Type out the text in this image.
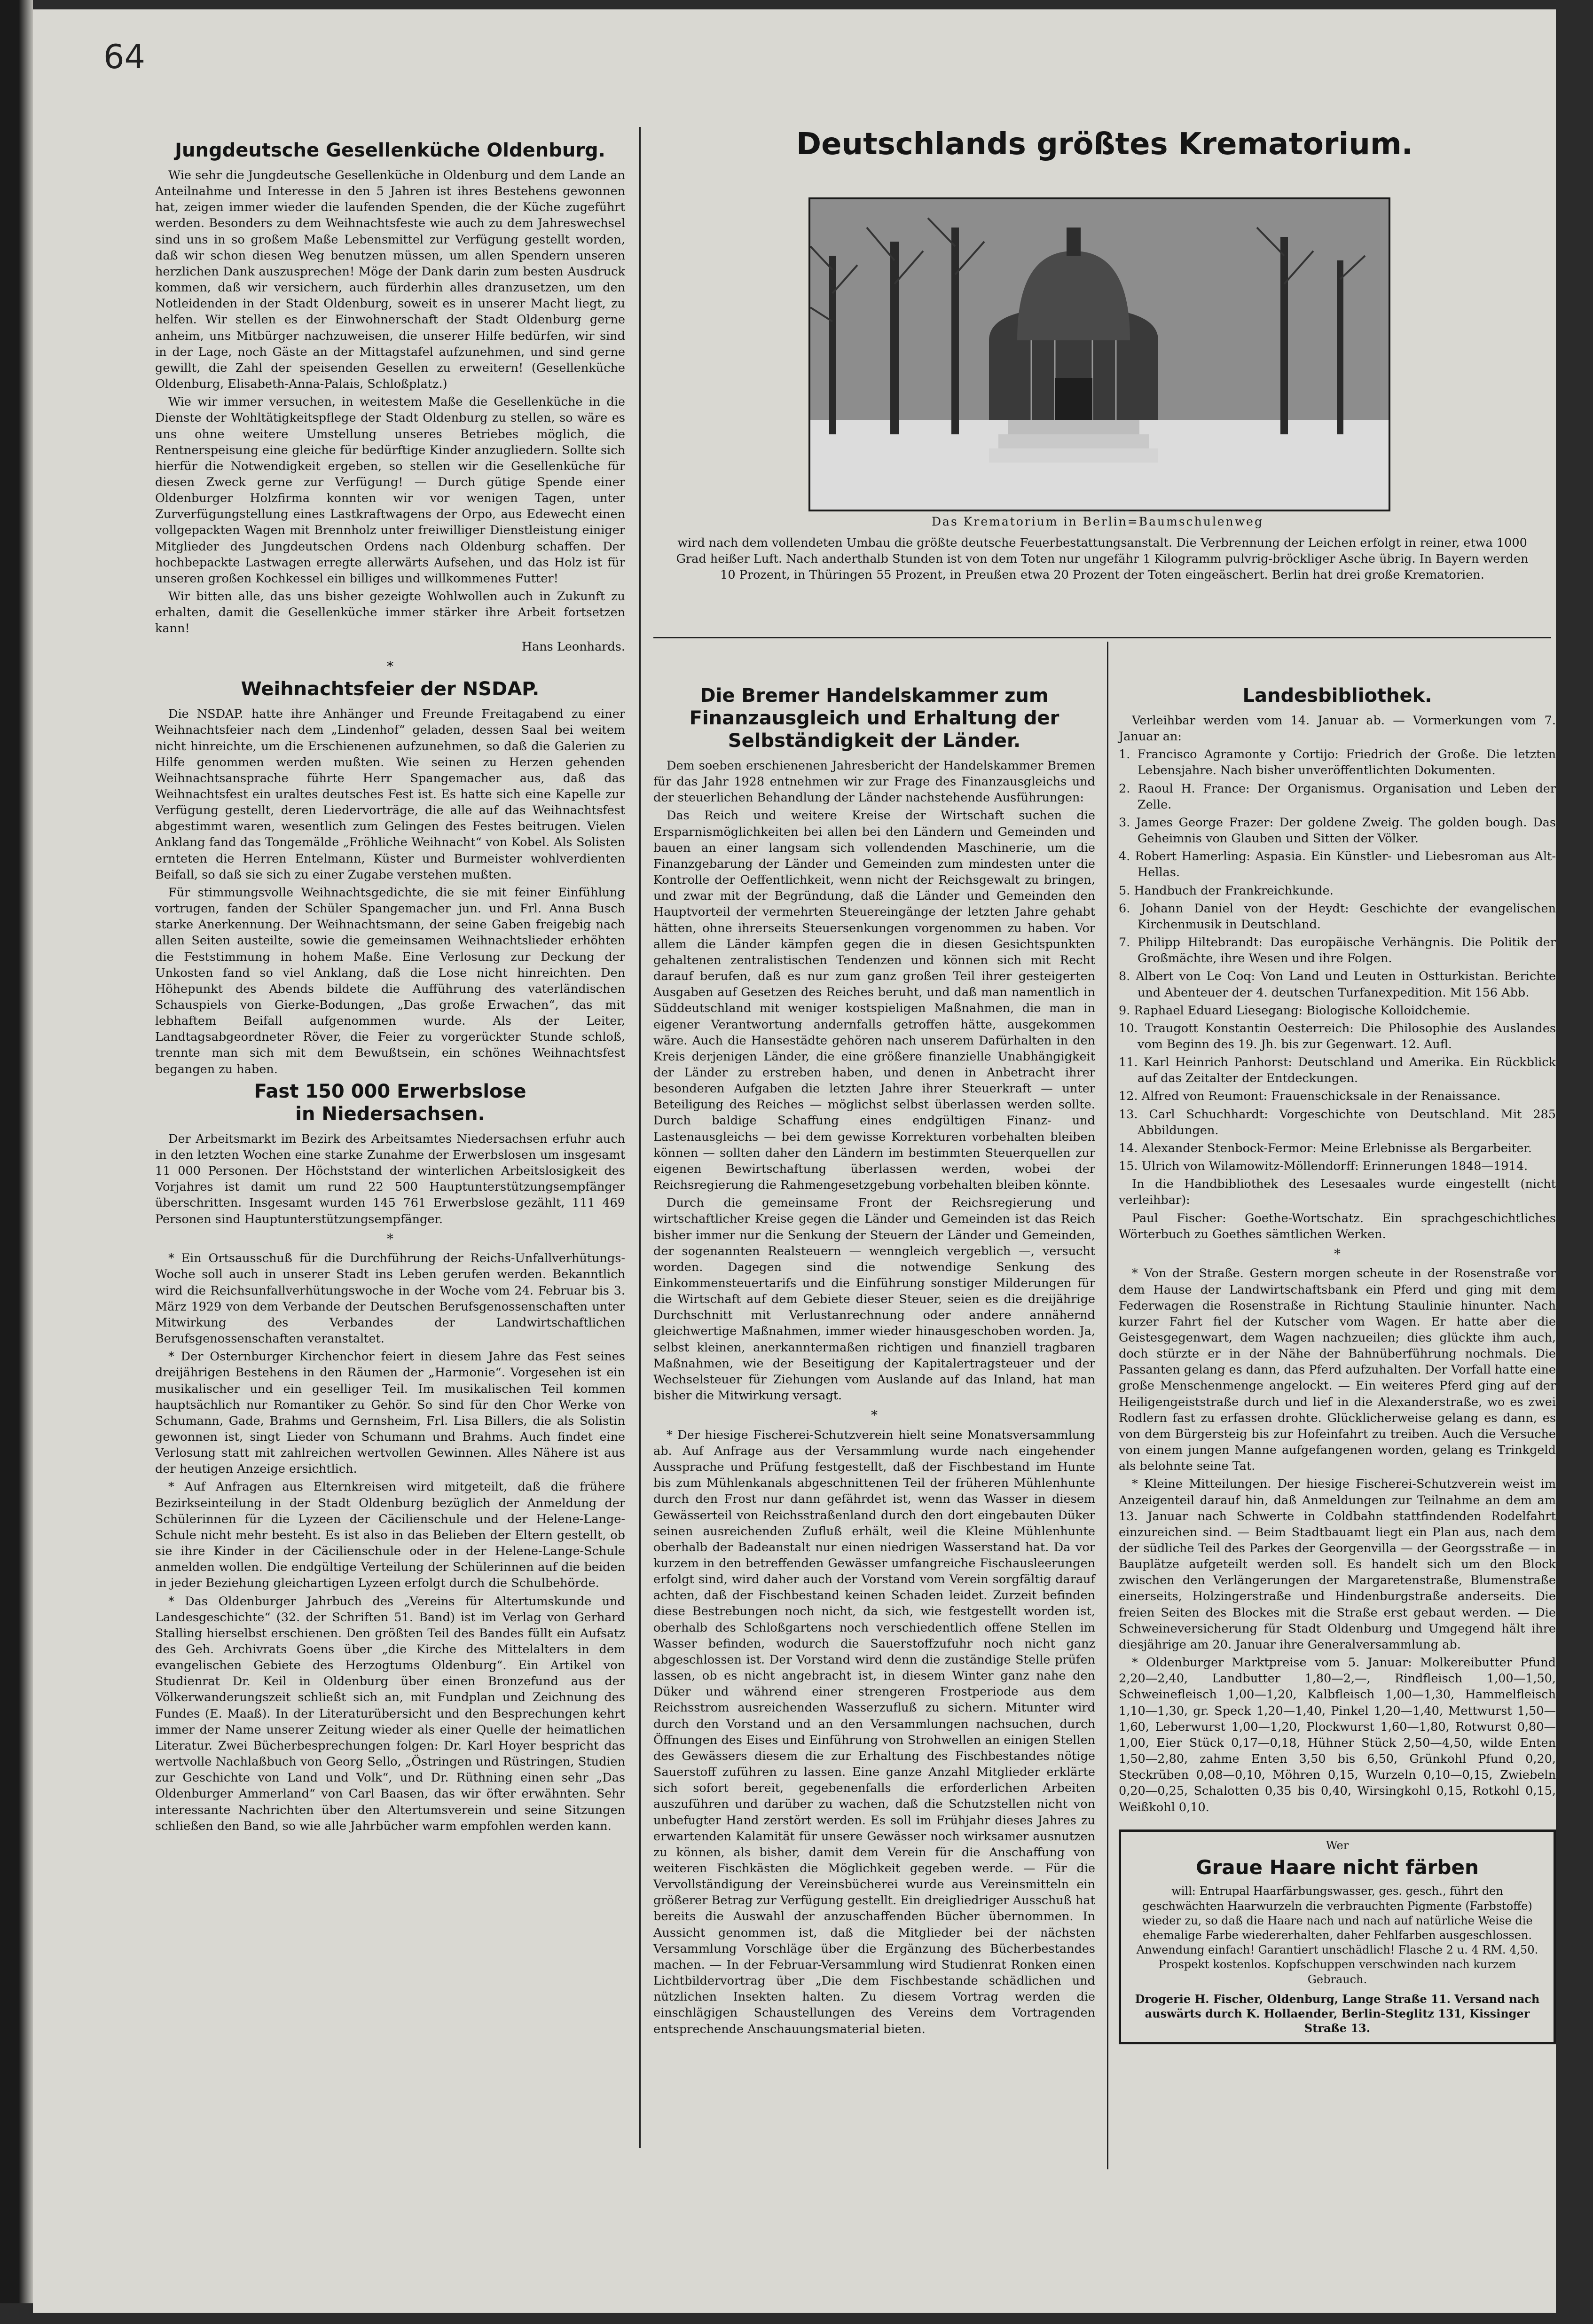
64
Deutschlands größtes Krematorium.
Das Krematorium in Berlin=Baumschulenweg
wird nach dem vollendeten Umbau die größte deutsche Feuerbestattungsanstalt. Die Verbrennung der Leichen erfolgt in reiner, etwa 1000 Grad heißer Luft. Nach anderthalb Stunden ist von dem Toten nur ungefähr 1 Kilogramm pulvrig-bröckliger Asche übrig. In Bayern werden 10 Prozent, in Thüringen 55 Prozent, in Preußen etwa 20 Prozent der Toten eingeäschert. Berlin hat drei große Krematorien.
Jungdeutsche Gesellenküche Oldenburg.

Wie sehr die Jungdeutsche Gesellenküche in Oldenburg und dem Lande an Anteilnahme und Interesse in den 5 Jahren ist ihres Bestehens gewonnen hat, zeigen immer wieder die laufenden Spenden, die der Küche zugeführt werden. Besonders zu dem Weihnachtsfeste wie auch zu dem Jahreswechsel sind uns in so großem Maße Lebensmittel zur Verfügung gestellt worden, daß wir schon diesen Weg benutzen müssen, um allen Spendern unseren herzlichen Dank auszusprechen! Möge der Dank darin zum besten Ausdruck kommen, daß wir versichern, auch fürderhin alles dranzusetzen, um den Notleidenden in der Stadt Oldenburg, soweit es in unserer Macht liegt, zu helfen. Wir stellen es der Einwohnerschaft der Stadt Oldenburg gerne anheim, uns Mitbürger nachzuweisen, die unserer Hilfe bedürfen, wir sind in der Lage, noch Gäste an der Mittagstafel aufzunehmen, und sind gerne gewillt, die Zahl der speisenden Gesellen zu erweitern! (Gesellenküche Oldenburg, Elisabeth-Anna-Palais, Schloßplatz.)

Wie wir immer versuchen, in weitestem Maße die Gesellenküche in die Dienste der Wohltätigkeitspflege der Stadt Oldenburg zu stellen, so wäre es uns ohne weitere Umstellung unseres Betriebes möglich, die Rentnerspeisung eine gleiche für bedürftige Kinder anzugliedern. Sollte sich hierfür die Notwendigkeit ergeben, so stellen wir die Gesellenküche für diesen Zweck gerne zur Verfügung! — Durch gütige Spende einer Oldenburger Holzfirma konnten wir vor wenigen Tagen, unter Zurverfügungstellung eines Lastkraftwagens der Orpo, aus Edewecht einen vollgepackten Wagen mit Brennholz unter freiwilliger Dienstleistung einiger Mitglieder des Jungdeutschen Ordens nach Oldenburg schaffen. Der hochbepackte Lastwagen erregte allerwärts Aufsehen, und das Holz ist für unseren großen Kochkessel ein billiges und willkommenes Futter!

Wir bitten alle, das uns bisher gezeigte Wohlwollen auch in Zukunft zu erhalten, damit die Gesellenküche immer stärker ihre Arbeit fortsetzen kann!

Hans Leonhards.
*
Weihnachtsfeier der NSDAP.

Die NSDAP. hatte ihre Anhänger und Freunde Freitagabend zu einer Weihnachtsfeier nach dem „Lindenhof“ geladen, dessen Saal bei weitem nicht hinreichte, um die Erschienenen aufzunehmen, so daß die Galerien zu Hilfe genommen werden mußten. Wie seinen zu Herzen gehenden Weihnachtsansprache führte Herr Spangemacher aus, daß das Weihnachtsfest ein uraltes deutsches Fest ist. Es hatte sich eine Kapelle zur Verfügung gestellt, deren Liedervorträge, die alle auf das Weihnachtsfest abgestimmt waren, wesentlich zum Gelingen des Festes beitrugen. Vielen Anklang fand das Tongemälde „Fröhliche Weihnacht“ von Kobel. Als Solisten ernteten die Herren Entelmann, Küster und Burmeister wohlverdienten Beifall, so daß sie sich zu einer Zugabe verstehen mußten.

Für stimmungsvolle Weihnachtsgedichte, die sie mit feiner Einfühlung vortrugen, fanden der Schüler Spangemacher jun. und Frl. Anna Busch starke Anerkennung. Der Weihnachtsmann, der seine Gaben freigebig nach allen Seiten austeilte, sowie die gemeinsamen Weihnachtslieder erhöhten die Feststimmung in hohem Maße. Eine Verlosung zur Deckung der Unkosten fand so viel Anklang, daß die Lose nicht hinreichten. Den Höhepunkt des Abends bildete die Aufführung des vaterländischen Schauspiels von Gierke-Bodungen, „Das große Erwachen“, das mit lebhaftem Beifall aufgenommen wurde. Als der Leiter, Landtagsabgeordneter Röver, die Feier zu vorgerückter Stunde schloß, trennte man sich mit dem Bewußtsein, ein schönes Weihnachtsfest begangen zu haben.

Fast 150 000 Erwerbslose
in Niedersachsen.

Der Arbeitsmarkt im Bezirk des Arbeitsamtes Niedersachsen erfuhr auch in den letzten Wochen eine starke Zunahme der Erwerbslosen um insgesamt 11 000 Personen. Der Höchststand der winterlichen Arbeitslosigkeit des Vorjahres ist damit um rund 22 500 Hauptunterstützungsempfänger überschritten. Insgesamt wurden 145 761 Erwerbslose gezählt, 111 469 Personen sind Hauptunterstützungsempfänger.

*

* Ein Ortsausschuß für die Durchführung der Reichs-Unfallverhütungs-Woche soll auch in unserer Stadt ins Leben gerufen werden. Bekanntlich wird die Reichsunfallverhütungswoche in der Woche vom 24. Februar bis 3. März 1929 von dem Verbande der Deutschen Berufsgenossenschaften unter Mitwirkung des Verbandes der Landwirtschaftlichen Berufsgenossenschaften veranstaltet.

* Der Osternburger Kirchenchor feiert in diesem Jahre das Fest seines dreijährigen Bestehens in den Räumen der „Harmonie“. Vorgesehen ist ein musikalischer und ein geselliger Teil. Im musikalischen Teil kommen hauptsächlich nur Romantiker zu Gehör. So sind für den Chor Werke von Schumann, Gade, Brahms und Gernsheim, Frl. Lisa Billers, die als Solistin gewonnen ist, singt Lieder von Schumann und Brahms. Auch findet eine Verlosung statt mit zahlreichen wertvollen Gewinnen. Alles Nähere ist aus der heutigen Anzeige ersichtlich.

* Auf Anfragen aus Elternkreisen wird mitgeteilt, daß die frühere Bezirkseinteilung in der Stadt Oldenburg bezüglich der Anmeldung der Schülerinnen für die Lyzeen der Cäcilienschule und der Helene-Lange-Schule nicht mehr besteht. Es ist also in das Belieben der Eltern gestellt, ob sie ihre Kinder in der Cäcilienschule oder in der Helene-Lange-Schule anmelden wollen. Die endgültige Verteilung der Schülerinnen auf die beiden in jeder Beziehung gleichartigen Lyzeen erfolgt durch die Schulbehörde.

* Das Oldenburger Jahrbuch des „Vereins für Altertumskunde und Landesgeschichte“ (32. der Schriften 51. Band) ist im Verlag von Gerhard Stalling hierselbst erschienen. Den größten Teil des Bandes füllt ein Aufsatz des Geh. Archivrats Goens über „die Kirche des Mittelalters in dem evangelischen Gebiete des Herzogtums Oldenburg“. Ein Artikel von Studienrat Dr. Keil in Oldenburg über einen Bronzefund aus der Völkerwanderungszeit schließt sich an, mit Fundplan und Zeichnung des Fundes (E. Maaß). In der Literaturübersicht und den Besprechungen kehrt immer der Name unserer Zeitung wieder als einer Quelle der heimatlichen Literatur. Zwei Bücherbesprechungen folgen: Dr. Karl Hoyer bespricht das wertvolle Nachlaßbuch von Georg Sello, „Östringen und Rüstringen, Studien zur Geschichte von Land und Volk“, und Dr. Rüthning einen sehr „Das Oldenburger Ammerland“ von Carl Baasen, das wir öfter erwähnten. Sehr interessante Nachrichten über den Altertumsverein und seine Sitzungen schließen den Band, so wie alle Jahrbücher warm empfohlen werden kann.

Die Bremer Handelskammer zum Finanzausgleich und Erhaltung der Selbständigkeit der Länder.

Dem soeben erschienenen Jahresbericht der Handelskammer Bremen für das Jahr 1928 entnehmen wir zur Frage des Finanzausgleichs und der steuerlichen Behandlung der Länder nachstehende Ausführungen:

Das Reich und weitere Kreise der Wirtschaft suchen die Ersparnismöglichkeiten bei allen bei den Ländern und Gemeinden und bauen an einer langsam sich vollendenden Maschinerie, um die Finanzgebarung der Länder und Gemeinden zum mindesten unter die Kontrolle der Oeffentlichkeit, wenn nicht der Reichsgewalt zu bringen, und zwar mit der Begründung, daß die Länder und Gemeinden den Hauptvorteil der vermehrten Steuereingänge der letzten Jahre gehabt hätten, ohne ihrerseits Steuersenkungen vorgenommen zu haben. Vor allem die Länder kämpfen gegen die in diesen Gesichtspunkten gehaltenen zentralistischen Tendenzen und können sich mit Recht darauf berufen, daß es nur zum ganz großen Teil ihrer gesteigerten Ausgaben auf Gesetzen des Reiches beruht, und daß man namentlich in Süddeutschland mit weniger kostspieligen Maßnahmen, die man in eigener Verantwortung andernfalls getroffen hätte, ausgekommen wäre. Auch die Hansestädte gehören nach unserem Dafürhalten in den Kreis derjenigen Länder, die eine größere finanzielle Unabhängigkeit der Länder zu erstreben haben, und denen in Anbetracht ihrer besonderen Aufgaben die letzten Jahre ihrer Steuerkraft — unter Beteiligung des Reiches — möglichst selbst überlassen werden sollte. Durch baldige Schaffung eines endgültigen Finanz- und Lastenausgleichs — bei dem gewisse Korrekturen vorbehalten bleiben können — sollten daher den Ländern im bestimmten Steuerquellen zur eigenen Bewirtschaftung überlassen werden, wobei der Reichsregierung die Rahmengesetzgebung vorbehalten bleiben könnte.

Durch die gemeinsame Front der Reichsregierung und wirtschaftlicher Kreise gegen die Länder und Gemeinden ist das Reich bisher immer nur die Senkung der Steuern der Länder und Gemeinden, der sogenannten Realsteuern — wenngleich vergeblich —, versucht worden. Dagegen sind die notwendige Senkung des Einkommensteuertarifs und die Einführung sonstiger Milderungen für die Wirtschaft auf dem Gebiete dieser Steuer, seien es die dreijährige Durchschnitt mit Verlustanrechnung oder andere annähernd gleichwertige Maßnahmen, immer wieder hinausgeschoben worden. Ja, selbst kleinen, anerkanntermaßen richtigen und finanziell tragbaren Maßnahmen, wie der Beseitigung der Kapitalertragsteuer und der Wechselsteuer für Ziehungen vom Auslande auf das Inland, hat man bisher die Mitwirkung versagt.

*

* Der hiesige Fischerei-Schutzverein hielt seine Monatsversammlung ab. Auf Anfrage aus der Versammlung wurde nach eingehender Aussprache und Prüfung festgestellt, daß der Fischbestand im Hunte bis zum Mühlenkanals abgeschnittenen Teil der früheren Mühlenhunte durch den Frost nur dann gefährdet ist, wenn das Wasser in diesem Gewässerteil von Reichsstraßenland durch den dort eingebauten Düker seinen ausreichenden Zufluß erhält, weil die Kleine Mühlenhunte oberhalb der Badeanstalt nur einen niedrigen Wasserstand hat. Da vor kurzem in den betreffenden Gewässer umfangreiche Fischausleerungen erfolgt sind, wird daher auch der Vorstand vom Verein sorgfältig darauf achten, daß der Fischbestand keinen Schaden leidet. Zurzeit befinden diese Bestrebungen noch nicht, da sich, wie festgestellt worden ist, oberhalb des Schloßgartens noch verschiedentlich offene Stellen im Wasser befinden, wodurch die Sauerstoffzufuhr noch nicht ganz abgeschlossen ist. Der Vorstand wird denn die zuständige Stelle prüfen lassen, ob es nicht angebracht ist, in diesem Winter ganz nahe den Düker und während einer strengeren Frostperiode aus dem Reichsstrom ausreichenden Wasserzufluß zu sichern. Mitunter wird durch den Vorstand und an den Versammlungen nachsuchen, durch Öffnungen des Eises und Einführung von Strohwellen an einigen Stellen des Gewässers diesem die zur Erhaltung des Fischbestandes nötige Sauerstoff zuführen zu lassen. Eine ganze Anzahl Mitglieder erklärte sich sofort bereit, gegebenenfalls die erforderlichen Arbeiten auszuführen und darüber zu wachen, daß die Schutzstellen nicht von unbefugter Hand zerstört werden. Es soll im Frühjahr dieses Jahres zu erwartenden Kalamität für unsere Gewässer noch wirksamer ausnutzen zu können, als bisher, damit dem Verein für die Anschaffung von weiteren Fischkästen die Möglichkeit gegeben werde. — Für die Vervollständigung der Vereinsbücherei wurde aus Vereinsmitteln ein größerer Betrag zur Verfügung gestellt. Ein dreigliedriger Ausschuß hat bereits die Auswahl der anzuschaffenden Bücher übernommen. In Aussicht genommen ist, daß die Mitglieder bei der nächsten Versammlung Vorschläge über die Ergänzung des Bücherbestandes machen. — In der Februar-Versammlung wird Studienrat Ronken einen Lichtbildervortrag über „Die dem Fischbestande schädlichen und nützlichen Insekten halten. Zu diesem Vortrag werden die einschlägigen Schaustellungen des Vereins dem Vortragenden entsprechende Anschauungsmaterial bieten.

Landesbibliothek.

Verleihbar werden vom 14. Januar ab. — Vormerkungen vom 7. Januar an:

1. Francisco Agramonte y Cortijo: Friedrich der Große. Die letzten Lebensjahre. Nach bisher unveröffentlichten Dokumenten.
2. Raoul H. France: Der Organismus. Organisation und Leben der Zelle.
3. James George Frazer: Der goldene Zweig. The golden bough. Das Geheimnis von Glauben und Sitten der Völker.
4. Robert Hamerling: Aspasia. Ein Künstler- und Liebesroman aus Alt-Hellas.
5. Handbuch der Frankreichkunde.
6. Johann Daniel von der Heydt: Geschichte der evangelischen Kirchenmusik in Deutschland.
7. Philipp Hiltebrandt: Das europäische Verhängnis. Die Politik der Großmächte, ihre Wesen und ihre Folgen.
8. Albert von Le Coq: Von Land und Leuten in Ostturkistan. Berichte und Abenteuer der 4. deutschen Turfanexpedition. Mit 156 Abb.
9. Raphael Eduard Liesegang: Biologische Kolloidchemie.
10. Traugott Konstantin Oesterreich: Die Philosophie des Auslandes vom Beginn des 19. Jh. bis zur Gegenwart. 12. Aufl.
11. Karl Heinrich Panhorst: Deutschland und Amerika. Ein Rückblick auf das Zeitalter der Entdeckungen.
12. Alfred von Reumont: Frauenschicksale in der Renaissance.
13. Carl Schuchhardt: Vorgeschichte von Deutschland. Mit 285 Abbildungen.
14. Alexander Stenbock-Fermor: Meine Erlebnisse als Bergarbeiter.
15. Ulrich von Wilamowitz-Möllendorff: Erinnerungen 1848—1914.

In die Handbibliothek des Lesesaales wurde eingestellt (nicht verleihbar):

Paul Fischer: Goethe-Wortschatz. Ein sprachgeschichtliches Wörterbuch zu Goethes sämtlichen Werken.

*

* Von der Straße. Gestern morgen scheute in der Rosenstraße vor dem Hause der Landwirtschaftsbank ein Pferd und ging mit dem Federwagen die Rosenstraße in Richtung Staulinie hinunter. Nach kurzer Fahrt fiel der Kutscher vom Wagen. Er hatte aber die Geistesgegenwart, dem Wagen nachzueilen; dies glückte ihm auch, doch stürzte er in der Nähe der Bahnüberführung nochmals. Die Passanten gelang es dann, das Pferd aufzuhalten. Der Vorfall hatte eine große Menschenmenge angelockt. — Ein weiteres Pferd ging auf der Heiligengeiststraße durch und lief in die Alexanderstraße, wo es zwei Rodlern fast zu erfassen drohte. Glücklicherweise gelang es dann, es von dem Bürgersteig bis zur Hofeinfahrt zu treiben. Auch die Versuche von einem jungen Manne aufgefangenen worden, gelang es Trinkgeld als belohnte seine Tat.

* Kleine Mitteilungen. Der hiesige Fischerei-Schutzverein weist im Anzeigenteil darauf hin, daß Anmeldungen zur Teilnahme an dem am 13. Januar nach Schwerte in Coldbahn stattfindenden Rodelfahrt einzureichen sind. — Beim Stadtbauamt liegt ein Plan aus, nach dem der südliche Teil des Parkes der Georgenvilla — der Georgsstraße — in Bauplätze aufgeteilt werden soll. Es handelt sich um den Block zwischen den Verlängerungen der Margaretenstraße, Blumenstraße einerseits, Holzingerstraße und Hindenburgstraße anderseits. Die freien Seiten des Blockes mit die Straße erst gebaut werden. — Die Schweineversicherung für Stadt Oldenburg und Umgegend hält ihre diesjährige am 20. Januar ihre Generalversammlung ab.

* Oldenburger Marktpreise vom 5. Januar: Molkereibutter Pfund 2,20—2,40, Landbutter 1,80—2,—, Rindfleisch 1,00—1,50, Schweinefleisch 1,00—1,20, Kalbfleisch 1,00—1,30, Hammelfleisch 1,10—1,30, gr. Speck 1,20—1,40, Pinkel 1,20—1,40, Mettwurst 1,50—1,60, Leberwurst 1,00—1,20, Plockwurst 1,60—1,80, Rotwurst 0,80—1,00, Eier Stück 0,17—0,18, Hühner Stück 2,50—4,50, wilde Enten 1,50—2,80, zahme Enten 3,50 bis 6,50, Grünkohl Pfund 0,20, Steckrüben 0,08—0,10, Möhren 0,15, Wurzeln 0,10—0,15, Zwiebeln 0,20—0,25, Schalotten 0,35 bis 0,40, Wirsingkohl 0,15, Rotkohl 0,15, Weißkohl 0,10.

Wer
Graue Haare nicht färben
will: Entrupal Haarfärbungswasser, ges. gesch., führt den geschwächten Haarwurzeln die verbrauchten Pigmente (Farbstoffe) wieder zu, so daß die Haare nach und nach auf natürliche Weise die ehemalige Farbe wiedererhalten, daher Fehlfarben ausgeschlossen. Anwendung einfach! Garantiert unschädlich! Flasche 2 u. 4 RM. 4,50. Prospekt kostenlos. Kopfschuppen verschwinden nach kurzem Gebrauch.
Drogerie H. Fischer, Oldenburg, Lange Straße 11. Versand nach auswärts durch K. Hollaender, Berlin-Steglitz 131, Kissinger Straße 13.
